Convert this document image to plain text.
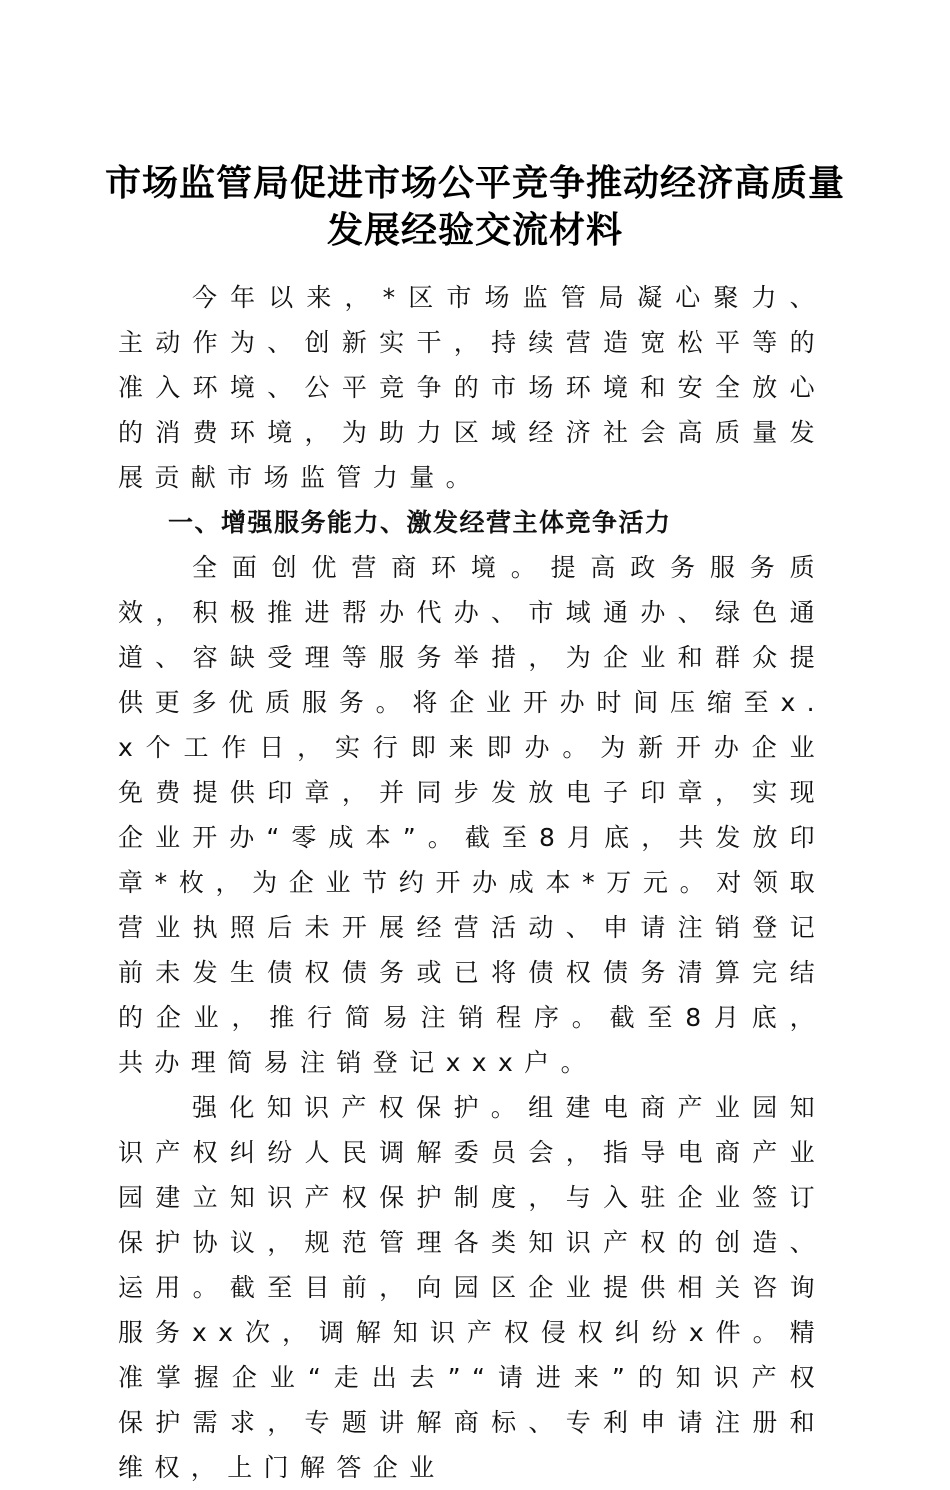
市场监管局促进市场公平竞争推动经济高质量
发展经验交流材料

今年以来，*区市场监管局凝心聚力、主动作为、创新实干，持续营造宽松平等的准入环境、公平竞争的市场环境和安全放心的消费环境，为助力区域经济社会高质量发展贡献市场监管力量。

一、增强服务能力、激发经营主体竞争活力

全面创优营商环境。提高政务服务质效，积极推进帮办代办、市域通办、绿色通道、容缺受理等服务举措，为企业和群众提供更多优质服务。将企业开办时间压缩至x.x个工作日，实行即来即办。为新开办企业免费提供印章，并同步发放电子印章，实现企业开办“零成本”。截至8月底，共发放印章*枚，为企业节约开办成本*万元。对领取营业执照后未开展经营活动、申请注销登记前未发生债权债务或已将债权债务清算完结的企业，推行简易注销程序。截至8月底，共办理简易注销登记xxx户。

强化知识产权保护。组建电商产业园知识产权纠纷人民调解委员会，指导电商产业园建立知识产权保护制度，与入驻企业签订保护协议，规范管理各类知识产权的创造、运用。截至目前，向园区企业提供相关咨询服务xx次，调解知识产权侵权纠纷x件。精准掌握企业“走出去”“请进来”的知识产权保护需求，专题讲解商标、专利申请注册和维权，上门解答企业
